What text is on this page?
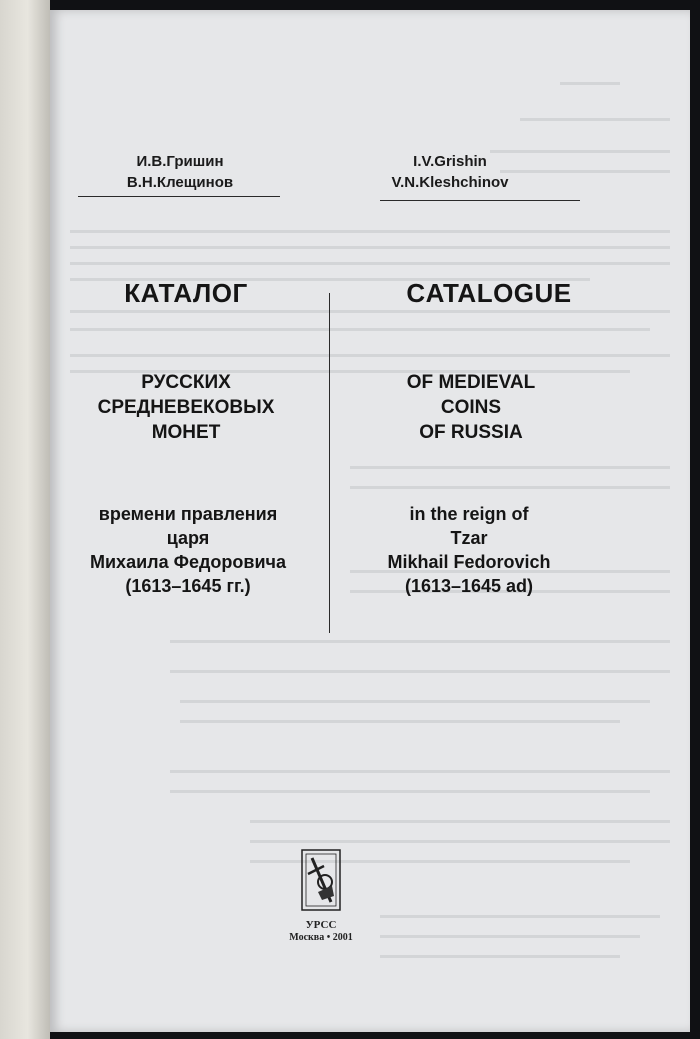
И.В.Гришин
В.Н.Клещинов
I.V.Grishin
V.N.Kleshchinov
КАТАЛОГ	CATALOGUE
РУССКИХ
СРЕДНЕВЕКОВЫХ
МОНЕТ
OF MEDIEVAL
COINS
OF RUSSIA
времени правления
царя
Михаила Федоровича
(1613–1645 гг.)
in the reign of
Tzar
Mikhail Fedorovich
(1613–1645 ad)
УРСС
Москва • 2001
